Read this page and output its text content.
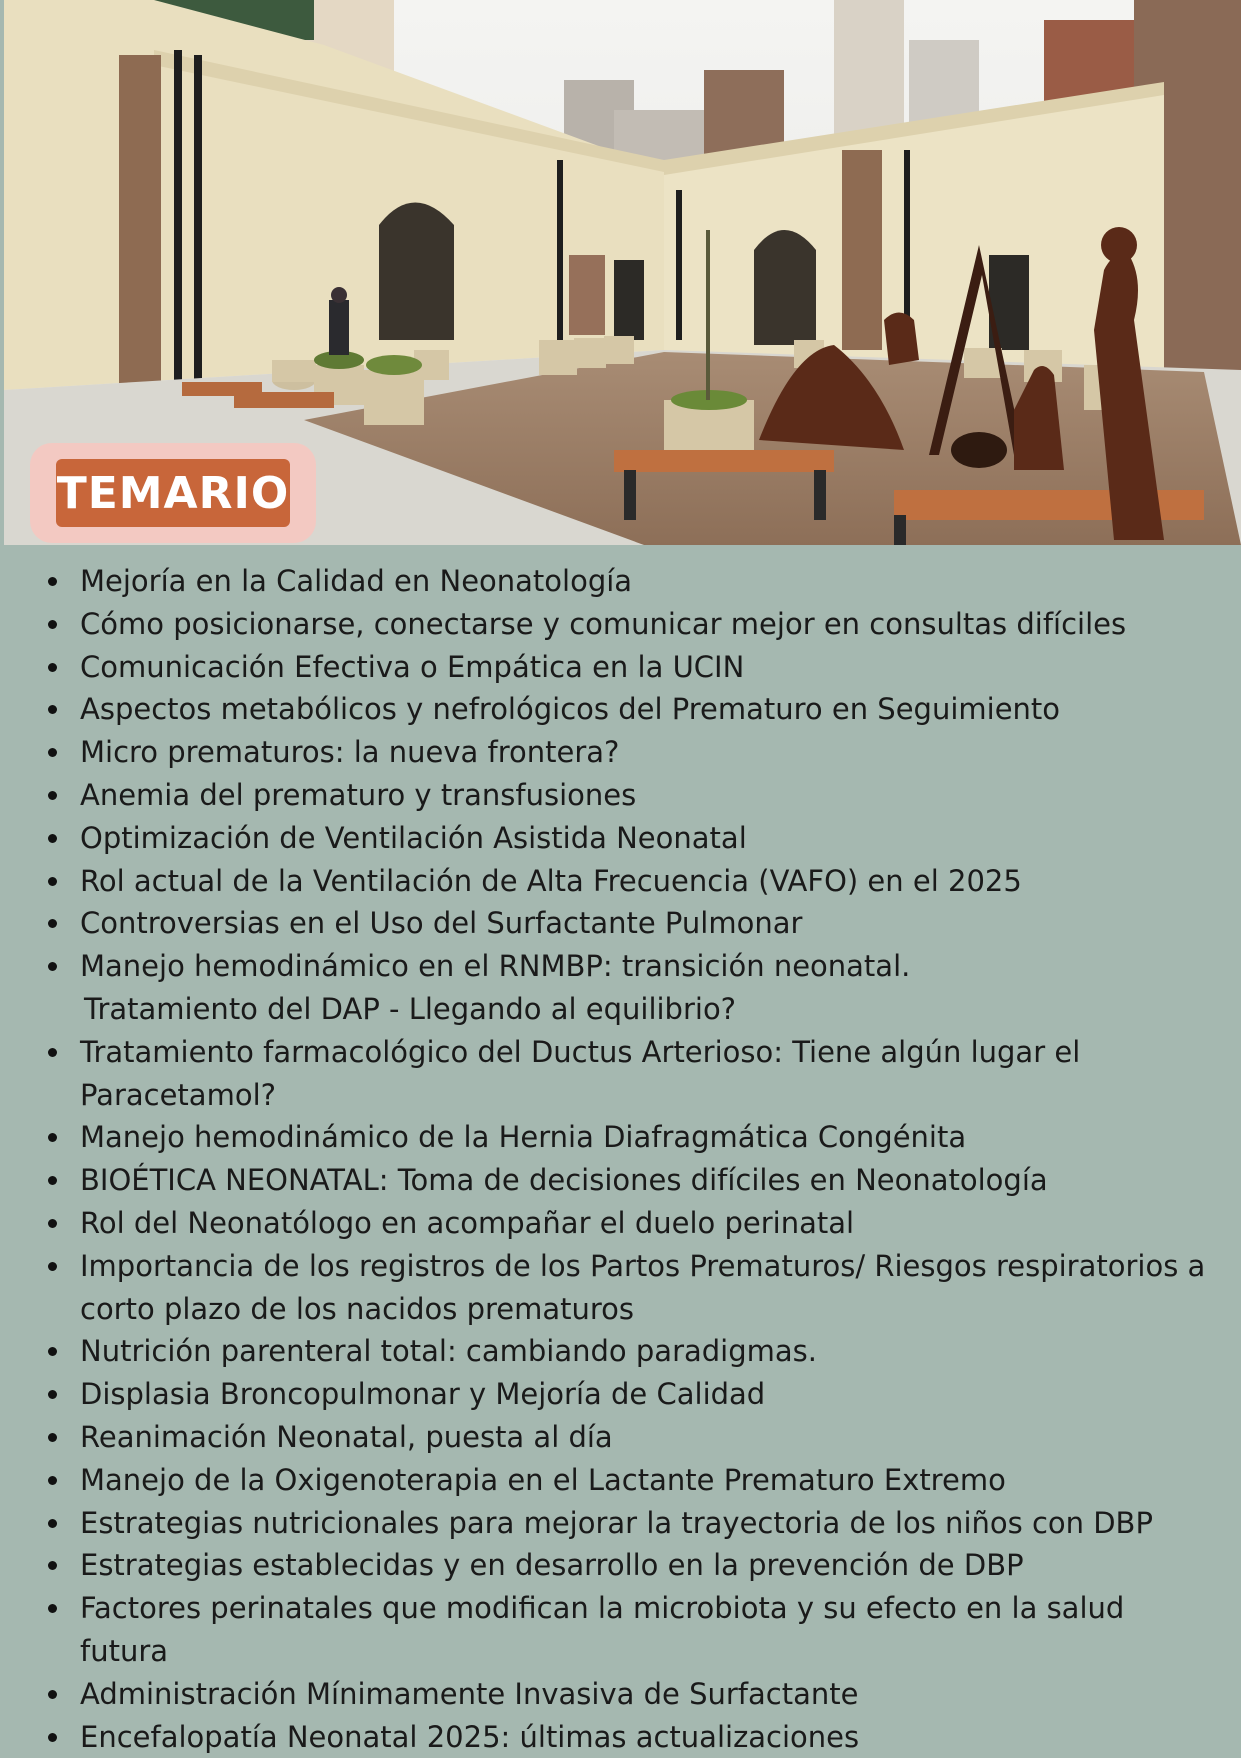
TEMARIO
Mejoría en la Calidad en Neonatología
Cómo posicionarse, conectarse y comunicar mejor en consultas difíciles
Comunicación Efectiva o Empática en la UCIN
Aspectos metabólicos y nefrológicos del Prematuro en Seguimiento
Micro prematuros: la nueva frontera?
Anemia del prematuro y transfusiones
Optimización de Ventilación Asistida Neonatal
Rol actual de la Ventilación de Alta Frecuencia (VAFO) en el 2025
Controversias en el Uso del Surfactante Pulmonar
Manejo hemodinámico en el RNMBP: transición neonatal.
Tratamiento del DAP - Llegando al equilibrio?
Tratamiento farmacológico del Ductus Arterioso: Tiene algún lugar el
Paracetamol?
Manejo hemodinámico de la Hernia Diafragmática Congénita
BIOÉTICA NEONATAL: Toma de decisiones difíciles en Neonatología
Rol del Neonatólogo en acompañar el duelo perinatal
Importancia de los registros de los Partos Prematuros/ Riesgos respiratorios a
corto plazo de los nacidos prematuros
Nutrición parenteral total: cambiando paradigmas.
Displasia Broncopulmonar y Mejoría de Calidad
Reanimación Neonatal, puesta al día
Manejo de la Oxigenoterapia en el Lactante Prematuro Extremo
Estrategias nutricionales para mejorar la trayectoria de los niños con DBP
Estrategias establecidas y en desarrollo en la prevención de DBP
Factores perinatales que modifican la microbiota y su efecto en la salud futura
Administración Mínimamente Invasiva de Surfactante
Encefalopatía Neonatal 2025: últimas actualizaciones
